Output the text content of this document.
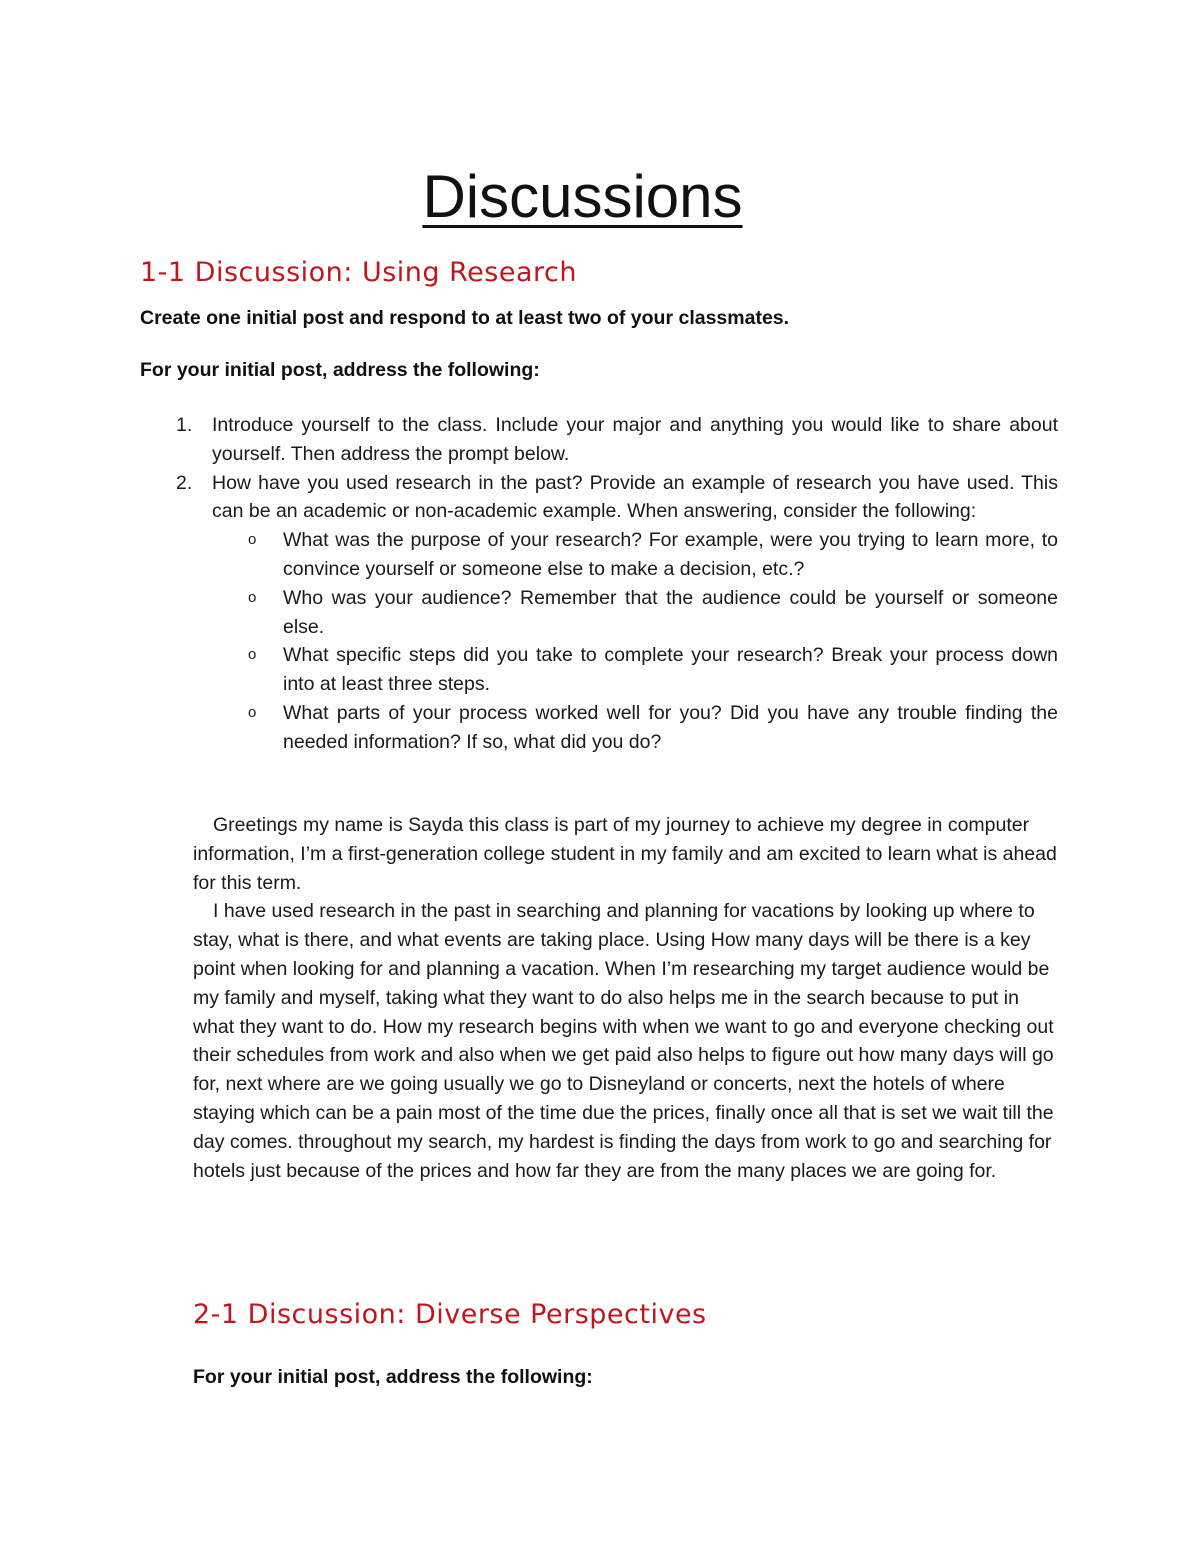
Discussions
1-1 Discussion: Using Research
Create one initial post and respond to at least two of your classmates.
For your initial post, address the following:
1. Introduce yourself to the class. Include your major and anything you would like to share about yourself. Then address the prompt below.
2. How have you used research in the past? Provide an example of research you have used. This can be an academic or non-academic example. When answering, consider the following:
o What was the purpose of your research? For example, were you trying to learn more, to convince yourself or someone else to make a decision, etc.?
o Who was your audience? Remember that the audience could be yourself or someone else.
o What specific steps did you take to complete your research? Break your process down into at least three steps.
o What parts of your process worked well for you? Did you have any trouble finding the needed information? If so, what did you do?

Greetings my name is Sayda this class is part of my journey to achieve my degree in computer information, I’m a first-generation college student in my family and am excited to learn what is ahead for this term.

I have used research in the past in searching and planning for vacations by looking up where to stay, what is there, and what events are taking place. Using How many days will be there is a key point when looking for and planning a vacation. When I’m researching my target audience would be my family and myself, taking what they want to do also helps me in the search because to put in what they want to do. How my research begins with when we want to go and everyone checking out their schedules from work and also when we get paid also helps to figure out how many days will go for, next where are we going usually we go to Disneyland or concerts, next the hotels of where staying which can be a pain most of the time due the prices, finally once all that is set we wait till the day comes. throughout my search, my hardest is finding the days from work to go and searching for hotels just because of the prices and how far they are from the many places we are going for.

2-1 Discussion: Diverse Perspectives
For your initial post, address the following:
